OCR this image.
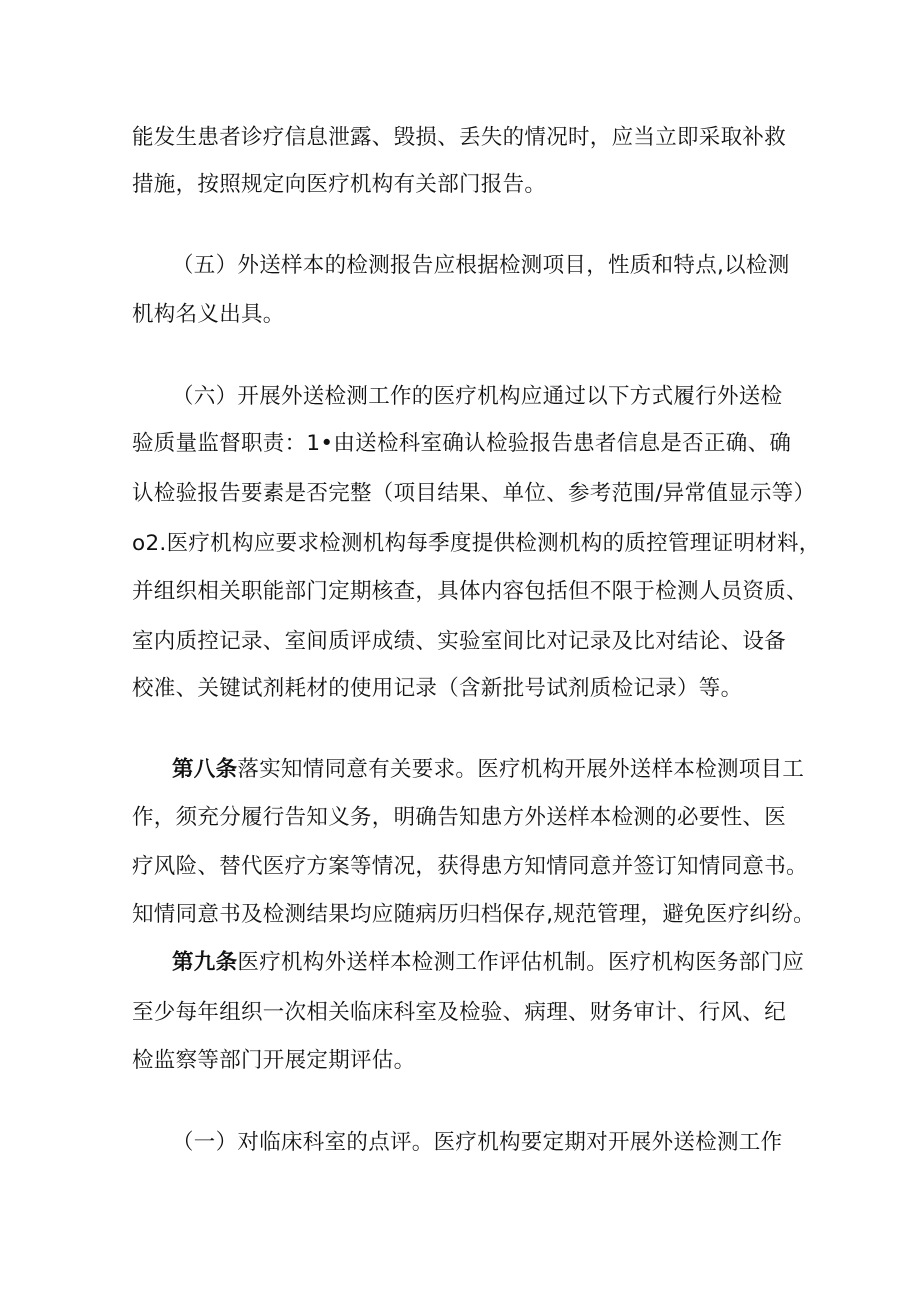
能发生患者诊疗信息泄露、毁损、丢失的情况时，应当立即采取补救
措施，按照规定向医疗机构有关部门报告。
（五）外送样本的检测报告应根据检测项目，性质和特点,以检测
机构名义出具。
（六）开展外送检测工作的医疗机构应通过以下方式履行外送检
验质量监督职责：1•由送检科室确认检验报告患者信息是否正确、确
认检验报告要素是否完整（项目结果、单位、参考范围/异常值显示等）
o2.医疗机构应要求检测机构每季度提供检测机构的质控管理证明材料，
并组织相关职能部门定期核查，具体内容包括但不限于检测人员资质、
室内质控记录、室间质评成绩、实验室间比对记录及比对结论、设备
校准、关键试剂耗材的使用记录（含新批号试剂质检记录）等。
第八条落实知情同意有关要求。医疗机构开展外送样本检测项目工
作，须充分履行告知义务，明确告知患方外送样本检测的必要性、医
疗风险、替代医疗方案等情况，获得患方知情同意并签订知情同意书。
知情同意书及检测结果均应随病历归档保存,规范管理，避免医疗纠纷。
第九条医疗机构外送样本检测工作评估机制。医疗机构医务部门应
至少每年组织一次相关临床科室及检验、病理、财务审计、行风、纪
检监察等部门开展定期评估。
（一）对临床科室的点评。医疗机构要定期对开展外送检测工作
